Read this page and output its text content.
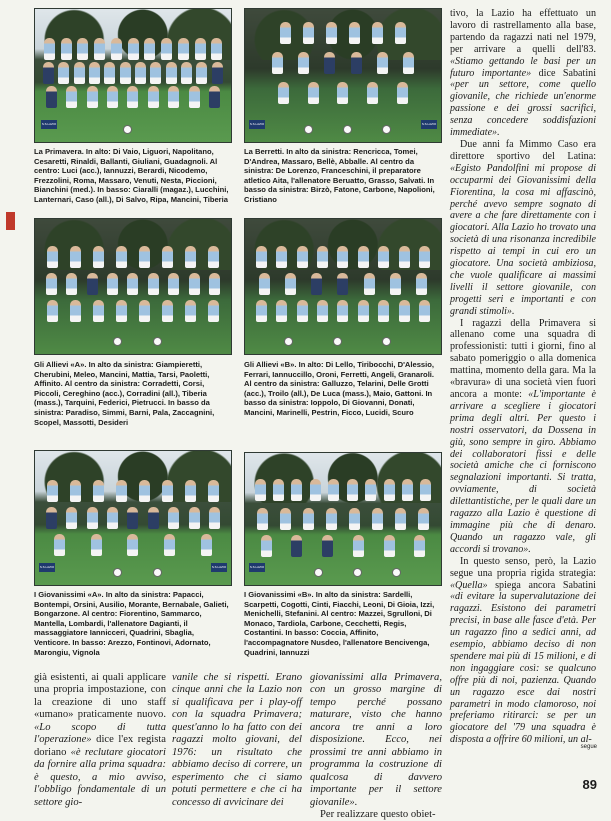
S.S.LAZIO	S.S.LAZIO	S.S.LAZIO
La Primavera. In alto: Di Vaio, Liguori, Napolitano, Cesaretti, Rinaldi, Ballanti, Giuliani, Guadagnoli. Al centro: Luci (acc.), Iannuzzi, Berardi, Nicodemo, Frezzolini, Roma, Massaro, Venuti, Nesta, Piccioni, Bianchini (med.). In basso: Ciaralli (magaz.), Lucchini, Lanternari, Caso (all.), Di Salvo, Ripa, Mancini, Tiberia
La Berretti. In alto da sinistra: Rencricca, Tomei, D'Andrea, Massaro, Bellè, Abballe. Al centro da sinistra: De Lorenzo, Franceschini, il preparatore atletico Aita, l'allenatore Beruatto, Grasso, Salvati. In basso da sinistra: Birzò, Fatone, Carbone, Napolioni, Cristiano
Gli Allievi «A». In alto da sinistra: Giampieretti, Cherubini, Meleo, Mancini, Mattia, Tarsi, Paoletti, Affinito. Al centro da sinistra: Corradetti, Corsi, Piccoli, Cereghino (acc.), Corradini (all.), Tiberia (mass.), Tarquini, Federici, Pietrucci. In basso da sinistra: Paradiso, Simmi, Barni, Pala, Zaccagnini, Scopel, Massotti, Desideri
Gli Allievi «B». In alto: Di Lello, Tiribocchi, D'Alessio, Ferrari, Iannuccillo, Oroni, Ferretti, Angeli, Granaroli. Al centro da sinistra: Galluzzo, Telarini, Delle Grotti (acc.), Troilo (all.), De Luca (mass.), Maio, Gattoni. In basso da sinistra: Ioppolo, Di Giovanni, Donati, Mancini, Marinelli, Pestrin, Ficco, Lucidi, Scuro
S.S.LAZIO	S.S.LAZIO	S.S.LAZIO
I Giovanissimi «A». In alto da sinistra: Papacci, Bontempi, Orsini, Ausilio, Morante, Bernabale, Galieti, Bongarzone. Al centro: Fiorentino, Sammarco, Mantella, Lombardi, l'allenatore Dagianti, il massaggiatore Iannicceri, Quadrini, Sbaglia, Venticore. In basso: Arezzo, Fontinovi, Adornato, Marongiu, Vignola
I Giovanissimi «B». In alto da sinistra: Sardelli, Scarpetti, Cogotti, Cinti, Fiacchi, Leoni, Di Gioia, Izzi, Menichelli, Stefanini. Al centro: Mazzei, Sgrulloni, Di Monaco, Tardiola, Carbone, Cecchetti, Regis, Costantini. In basso: Coccia, Affinito, l'accompagnatore Nusdeo, l'allenatore Bencivenga, Quadrini, Iannuzzi

già esistenti, ai quali applicare una propria impostazione, con la creazione di uno staff «umano» praticamente nuovo. «Lo scopo di tutta l'operazione» dice l'ex regista doriano «è reclutare giocatori da fornire alla prima squadra: è questo, a mio avviso, l'obbligo fondamentale di un settore gio-

vanile che si rispetti. Erano cinque anni che la Lazio non si qualificava per i play-off con la squadra Primavera; quest'anno lo ha fatto con dei ragazzi molto giovani, del 1976: un risultato che abbiamo deciso di correre, un esperimento che ci siamo potuti permettere e che ci ha concesso di avvicinare dei

giovanissimi alla Primavera, con un grosso margine di tempo perché possano maturare, visto che hanno ancora tre anni a loro disposizione. Ecco, nei prossimi tre anni abbiamo in programma la costruzione di qualcosa di davvero importante per il settore giovanile».

Per realizzare questo obiet-

tivo, la Lazio ha effettuato un lavoro di rastrellamento alla base, partendo da ragazzi nati nel 1979, per arrivare a quelli dell'83. «Stiamo gettando le basi per un futuro importante» dice Sabatini «per un settore, come quello giovanile, che richiede un'enorme passione e dei grossi sacrifici, senza concedere soddisfazioni immediate».

Due anni fa Mimmo Caso era direttore sportivo del Latina: «Egisto Pandolfini mi propose di occuparmi dei Giovanissimi della Fiorentina, la cosa mi affascinò, perché avevo sempre sognato di avere a che fare direttamente con i giocatori. Alla Lazio ho trovato una società di una risonanza incredibile rispetto ai tempi in cui ero un giocatore. Una società ambiziosa, che vuole qualificare ai massimi livelli il settore giovanile, con progetti seri e importanti e con grandi stimoli».

I ragazzi della Primavera si allenano come una squadra di professionisti: tutti i giorni, fino al sabato pomeriggio o alla domenica mattina, momento della gara. Ma la «bravura» di una società vien fuori ancora a monte: «L'importante è arrivare a scegliere i giocatori prima degli altri. Per questo i nostri osservatori, da Dossena in giù, sono sempre in giro. Abbiamo dei collaboratori fissi e delle società amiche che ci forniscono segnalazioni importanti. Si tratta, ovviamente, di società dilettantistiche, per le quali dare un ragazzo alla Lazio è questione di immagine più che di denaro. Quando un ragazzo vale, gli accordi si trovano».

In questo senso, però, la Lazio segue una propria rigida strategia: «Quella» spiega ancora Sabatini «di evitare la supervalutazione dei ragazzi. Esistono dei parametri precisi, in base alle fasce d'età. Per un ragazzo fino a sedici anni, ad esempio, abbiamo deciso di non spendere mai più di 15 milioni, e di non ingaggiare così: se qualcuno offre più di noi, pazienza. Quando un ragazzo esce dai nostri parametri in modo clamoroso, noi preferiamo ritirarci: se per un giocatore del '79 una squadra è disposta a offrire 60 milioni, un al-

segue
89
